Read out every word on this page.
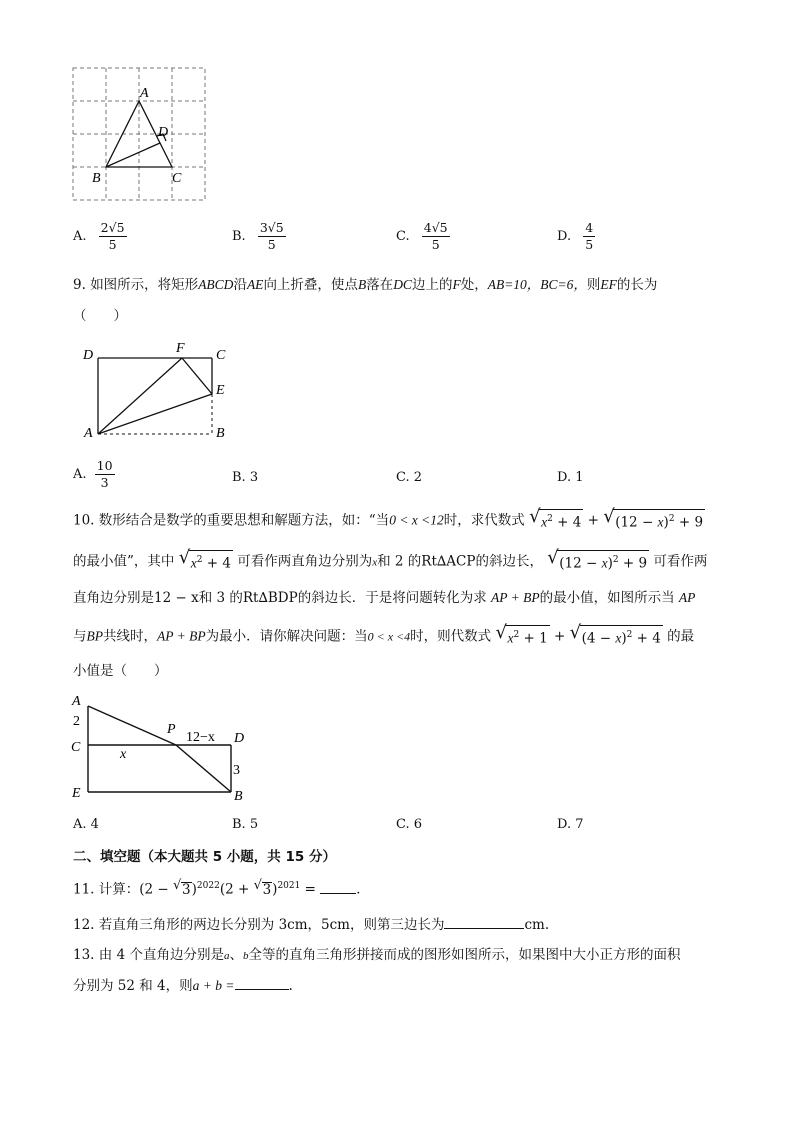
A
D
B	C
A. $\frac{2√5}{5}$	B. $\frac{3√5}{5}$	C. $\frac{4√5}{5}$	D. $\frac{4}{5}$
9. 如图所示，将矩形ABCD沿AE向上折叠，使点B落在DC边上的F处，AB=10，BC=6，则EF的长为
（　　）
D	F C
E
A	B
A. $\frac{10}{3}$	B. 3	C. 2	D. 1
10. 数形结合是数学的重要思想和解题方法，如：“当0 < x <12时，求代数式 √ $x^2 + 4$ + √ $(12 - x)^2 + 9$
的最小值”，其中 √ $x^2 + 4$ 可看作两直角边分别为x和 2 的Rt∆ACP的斜边长， √ $(12 - x)^2 + 9$ 可看作两
直角边分别是12 − x和 3 的Rt∆BDP的斜边长．于是将问题转化为求 AP + BP的最小值，如图所示当 AP
与BP共线时，AP + BP为最小．请你解决问题：当0 < x <4时，则代数式 √ $x^2 + 1$ + √ $(4 - x)^2 + 4$ 的最
小值是（　　）
A
2
C
P
12−x D
x
3
E	B
A. 4	B. 5	C. 6	D. 7
二、填空题（本大题共 5 小题，共 15 分）
11. 计算：(2 − √ 3)$^{2022}$(2 + √ 3)$^{2021}$ =	．
12. 若直角三角形的两边长分别为 3cm，5cm，则第三边长为	cm.
13. 由 4 个直角边分别是a、b全等的直角三角形拼接而成的图形如图所示，如果图中大小正方形的面积
分别为 52 和 4，则a + b =	.
